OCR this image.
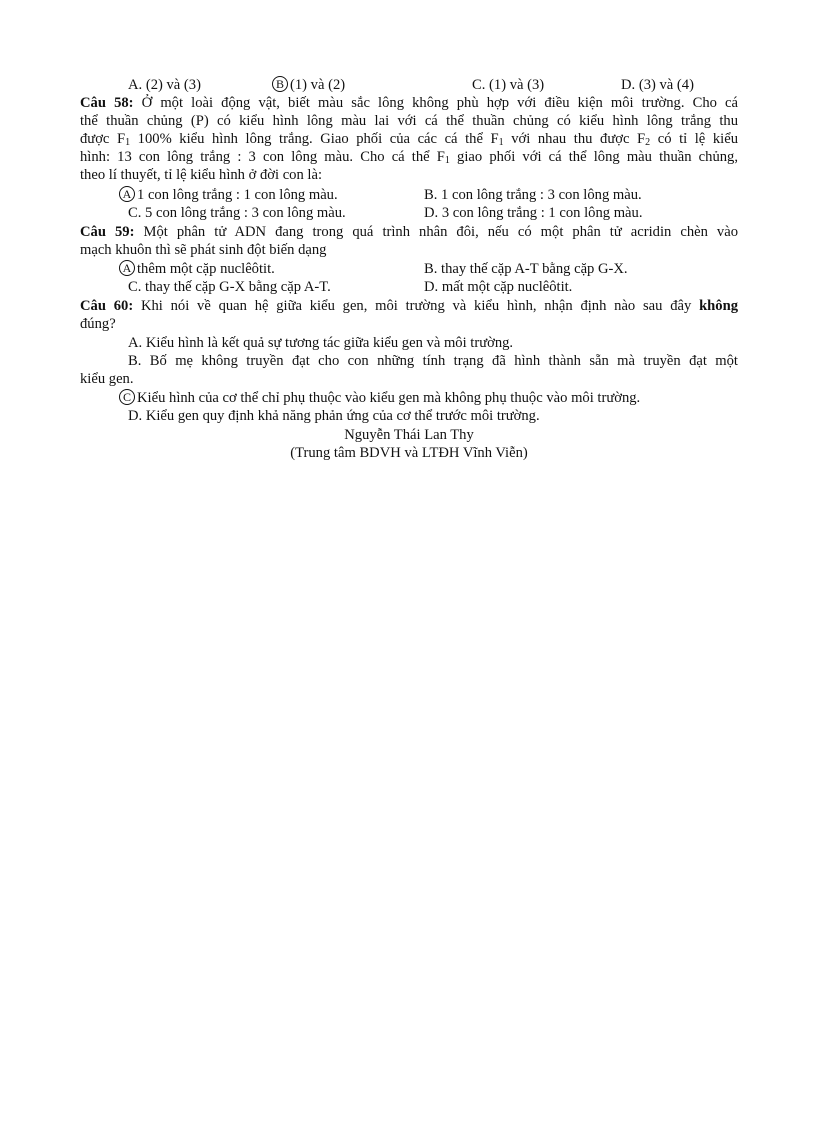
A. (2) và (3)	B (1) và (2)	C. (1) và (3)	D. (3) và (4)
Câu 58: Ở một loài động vật, biết màu sắc lông không phù hợp với điều kiện môi trường. Cho cá
thể thuần chủng (P) có kiểu hình lông màu lai với cá thể thuần chủng có kiểu hình lông trắng thu
được $F_1$ 100% kiểu hình lông trắng. Giao phối của các cá thể $F_1$ với nhau thu được $F_2$ có tỉ lệ kiểu
hình: 13 con lông trắng : 3 con lông màu. Cho cá thể $F_1$ giao phối với cá thể lông màu thuần chủng,
theo lí thuyết, tỉ lệ kiểu hình ở đời con là:
A 1 con lông trắng : 1 con lông màu.	B. 1 con lông trắng : 3 con lông màu.
C. 5 con lông trắng : 3 con lông màu.	D. 3 con lông trắng : 1 con lông màu.
Câu 59: Một phân tử ADN đang trong quá trình nhân đôi, nếu có một phân tử acridin chèn vào
mạch khuôn thì sẽ phát sinh đột biến dạng
A thêm một cặp nuclêôtit.	B. thay thế cặp A-T bằng cặp G-X.
C. thay thế cặp G-X bằng cặp A-T.	D. mất một cặp nuclêôtit.
Câu 60: Khi nói về quan hệ giữa kiểu gen, môi trường và kiểu hình, nhận định nào sau đây không
đúng?
A. Kiểu hình là kết quả sự tương tác giữa kiểu gen và môi trường.
B. Bố mẹ không truyền đạt cho con những tính trạng đã hình thành sẵn mà truyền đạt một
kiểu gen.
C Kiểu hình của cơ thể chỉ phụ thuộc vào kiểu gen mà không phụ thuộc vào môi trường.
D. Kiểu gen quy định khả năng phản ứng của cơ thể trước môi trường.
Nguyễn Thái Lan Thy
(Trung tâm BDVH và LTĐH Vĩnh Viễn)
